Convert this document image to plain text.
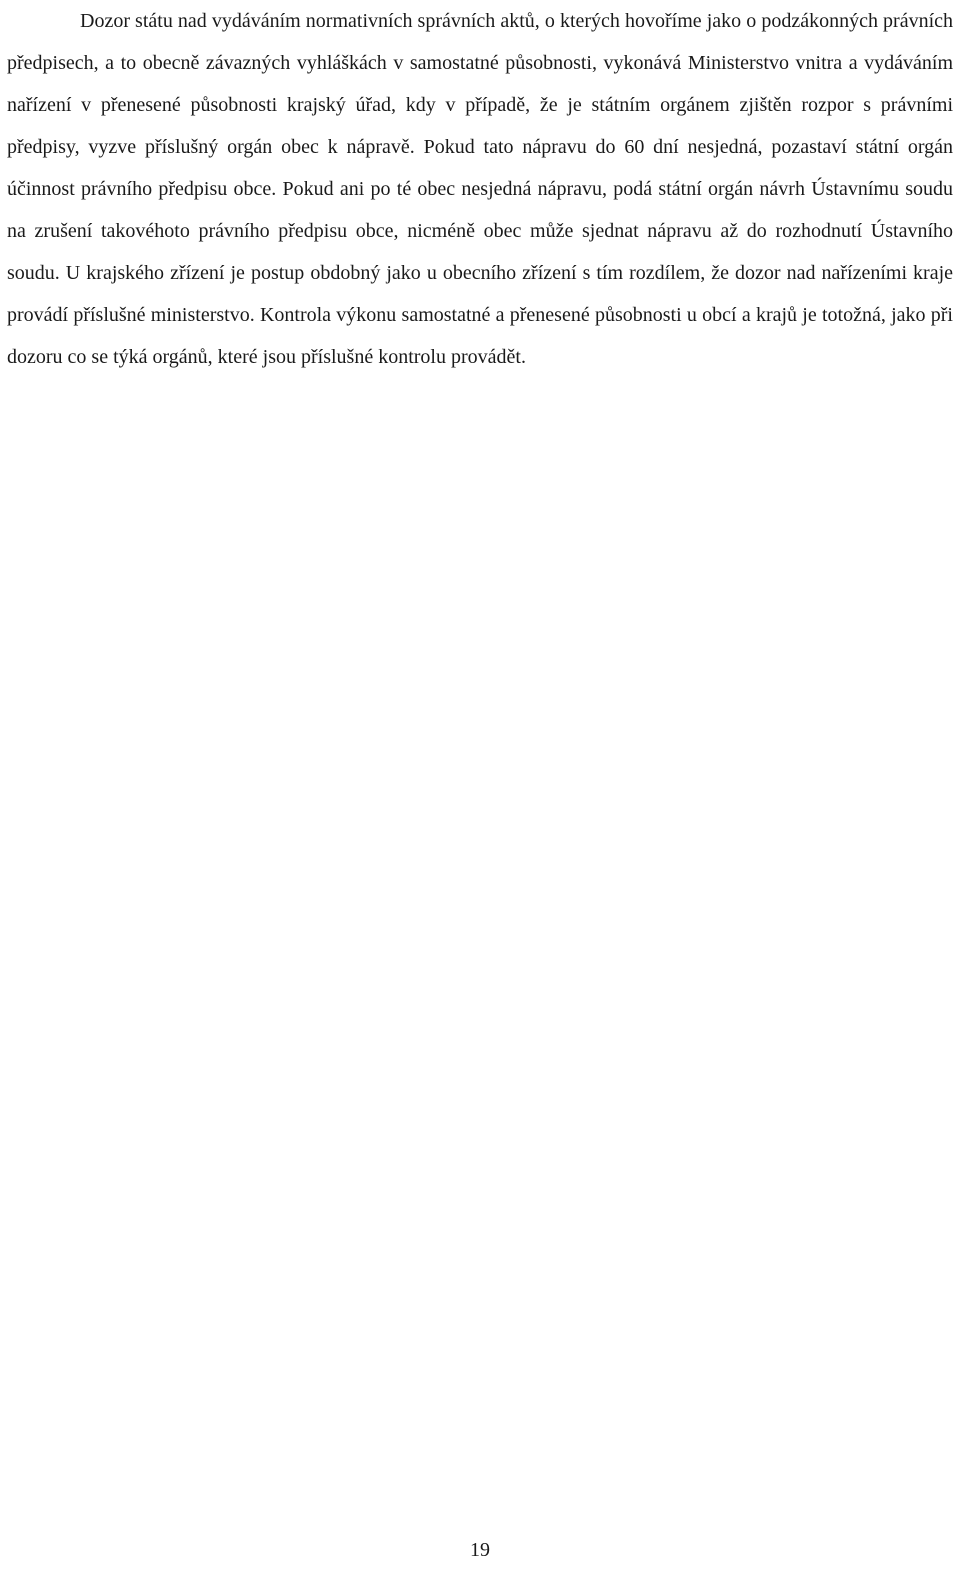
Dozor státu nad vydáváním normativních správních aktů, o kterých hovoříme jako o podzákonných právních předpisech, a to obecně závazných vyhláškách v samostatné působnosti, vykonává Ministerstvo vnitra a vydáváním nařízení v přenesené působnosti krajský úřad, kdy v případě, že je státním orgánem zjištěn rozpor s právními předpisy, vyzve příslušný orgán obec k nápravě. Pokud tato nápravu do 60 dní nesjedná, pozastaví státní orgán účinnost právního předpisu obce. Pokud ani po té obec nesjedná nápravu, podá státní orgán návrh Ústavnímu soudu na zrušení takovéhoto právního předpisu obce, nicméně obec může sjednat nápravu až do rozhodnutí Ústavního soudu. U krajského zřízení je postup obdobný jako u obecního zřízení s tím rozdílem, že dozor nad nařízeními kraje provádí příslušné ministerstvo. Kontrola výkonu samostatné a přenesené působnosti u obcí a krajů je totožná, jako při dozoru co se týká orgánů, které jsou příslušné kontrolu provádět.

19
